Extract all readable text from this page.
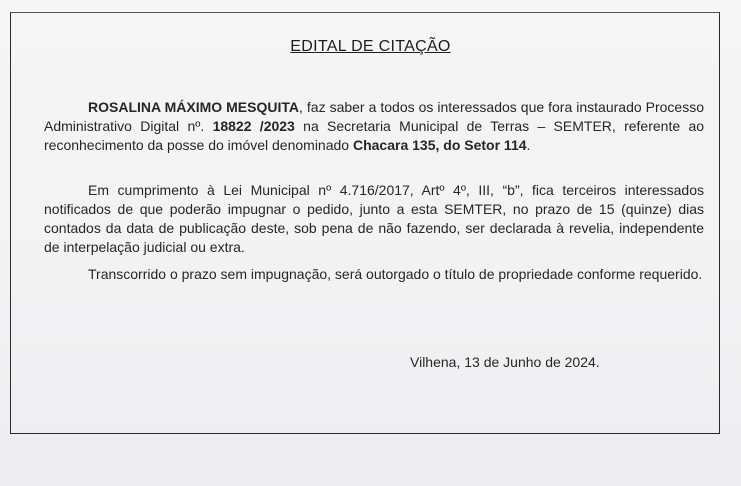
EDITAL DE CITAÇÃO

ROSALINA MÁXIMO MESQUITA, faz saber a todos os interessados que fora instaurado Processo Administrativo Digital nº. 18822 /2023 na Secretaria Municipal de Terras – SEMTER, referente ao reconhecimento da posse do imóvel denominado Chacara 135, do Setor 114.

Em cumprimento à Lei Municipal nº 4.716/2017, Artº 4º, III, “b”, fica terceiros interessados notificados de que poderão impugnar o pedido, junto a esta SEMTER, no prazo de 15 (quinze) dias contados da data de publicação deste, sob pena de não fazendo, ser declarada à revelia, independente de interpelação judicial ou extra.

Transcorrido o prazo sem impugnação, será outorgado o título de propriedade conforme requerido.

Vilhena, 13 de Junho de 2024.
